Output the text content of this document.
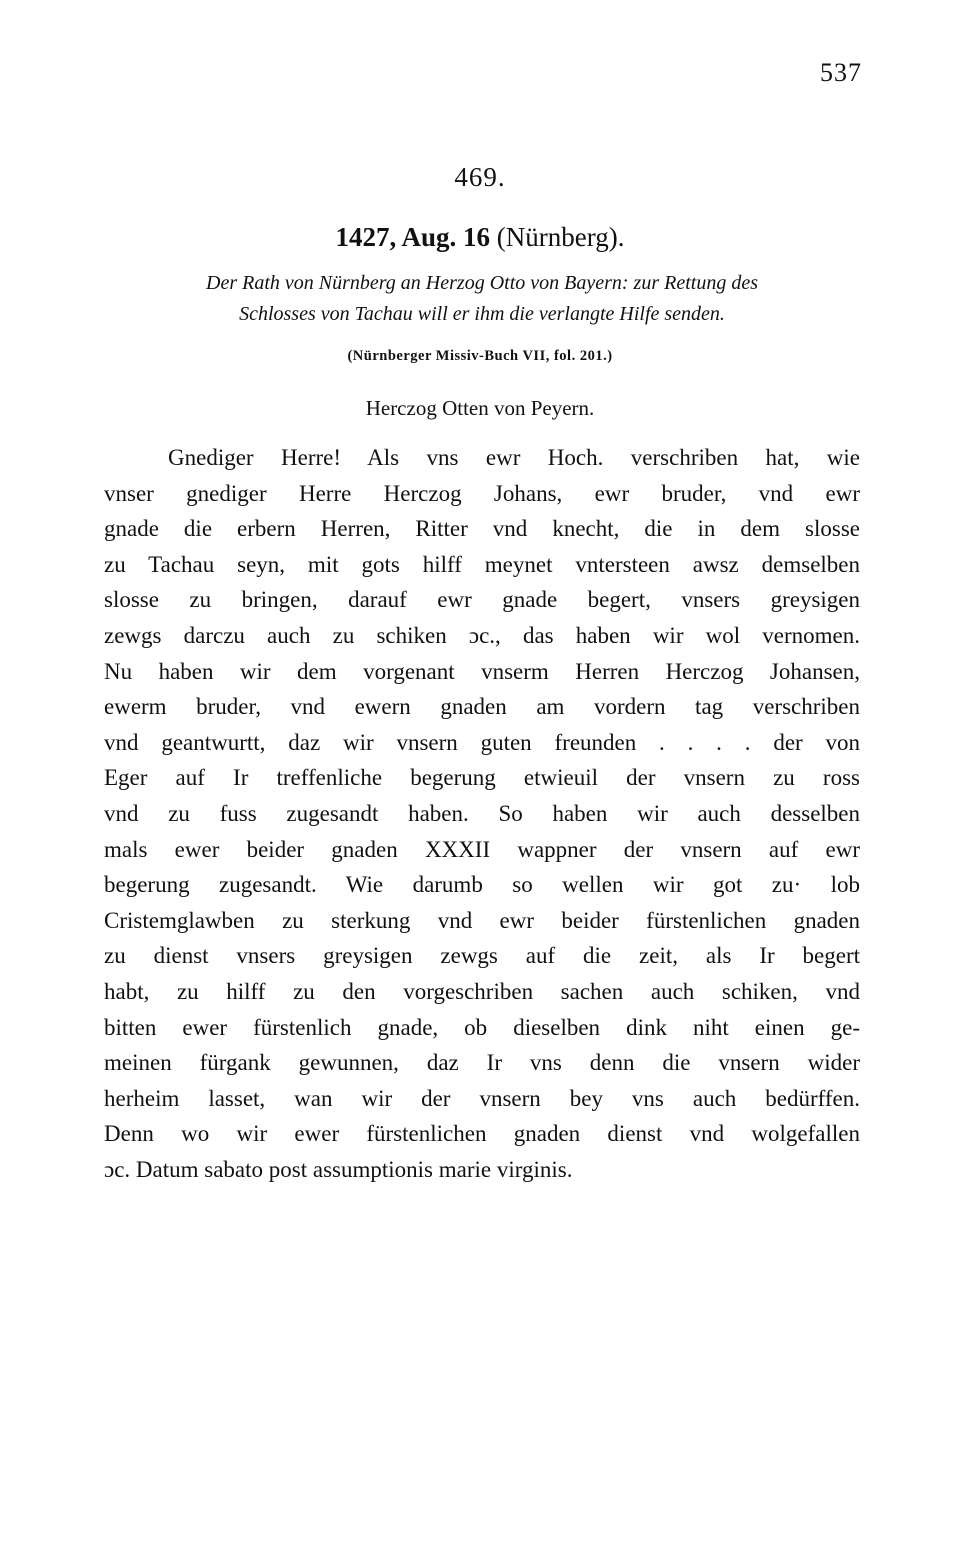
537
469.
1427, Aug. 16 (Nürnberg).
Der Rath von Nürnberg an Herzog Otto von Bayern: zur Rettung des
Schlosses von Tachau will er ihm die verlangte Hilfe senden.
(Nürnberger Missiv-Buch VII, fol. 201.)
Herczog Otten von Peyern.
Gnediger Herre! Als vns ewr Hoch. verschriben hat, wie
vnser gnediger Herre Herczog Johans, ewr bruder, vnd ewr
gnade die erbern Herren, Ritter vnd knecht, die in dem slosse
zu Tachau seyn, mit gots hilff meynet vntersteen awsz demselben
slosse zu bringen, darauf ewr gnade begert, vnsers greysigen
zewgs darczu auch zu schiken ɔc., das haben wir wol vernomen.
Nu haben wir dem vorgenant vnserm Herren Herczog Johansen,
ewerm bruder, vnd ewern gnaden am vordern tag verschriben
vnd geantwurtt, daz wir vnsern guten freunden . . . . der von
Eger auf Ir treffenliche begerung etwieuil der vnsern zu ross
vnd zu fuss zugesandt haben. So haben wir auch desselben
mals ewer beider gnaden XXXII wappner der vnsern auf ewr
begerung zugesandt. Wie darumb so wellen wir got zu· lob
Cristemglawben zu sterkung vnd ewr beider fürstenlichen gnaden
zu dienst vnsers greysigen zewgs auf die zeit, als Ir begert
habt, zu hilff zu den vorgeschriben sachen auch schiken, vnd
bitten ewer fürstenlich gnade, ob dieselben dink niht einen ge-
meinen fürgank gewunnen, daz Ir vns denn die vnsern wider
herheim lasset, wan wir der vnsern bey vns auch bedürffen.
Denn wo wir ewer fürstenlichen gnaden dienst vnd wolgefallen
ɔc. Datum sabato post assumptionis marie virginis.
